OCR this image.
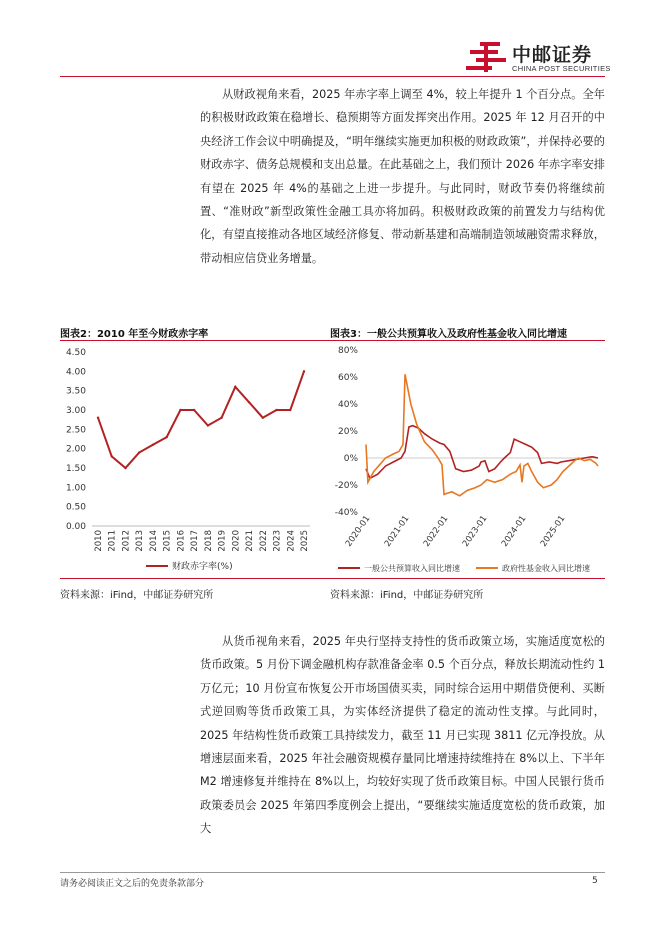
中邮证券
CHINA POST SECURITIES

从财政视角来看，2025 年赤字率上调至 4%，较上年提升 1 个百分点。全年的积极财政政策在稳增长、稳预期等方面发挥突出作用。2025 年 12 月召开的中央经济工作会议中明确提及，“明年继续实施更加积极的财政政策”，并保持必要的财政赤字、债务总规模和支出总量。在此基础之上，我们预计 2026 年赤字率安排有望在 2025 年 4%的基础之上进一步提升。与此同时，财政节奏仍将继续前置、“准财政”新型政策性金融工具亦将加码。积极财政政策的前置发力与结构优化，有望直接推动各地区域经济修复、带动新基建和高端制造领域融资需求释放，带动相应信贷业务增量。

图表2：2010 年至今财政赤字率	图表3：一般公共预算收入及政府性基金收入同比增速
4.50
4.00
3.50
3.00
2.50
2.00
1.50
1.00
0.50
0.00
2010 2011 2012 2013 2014 2015 2016 2017 2018 2019 2020 2021 2022 2023 2024 2025
财政赤字率(%)
80%
60%
40%
20%
0%
-20%
-40%
2020-01 2021-01 2022-01 2023-01 2024-01 2025-01
一般公共预算收入同比增速	政府性基金收入同比增速
资料来源：iFind，中邮证券研究所	资料来源：iFind，中邮证券研究所

从货币视角来看，2025 年央行坚持支持性的货币政策立场，实施适度宽松的货币政策。5 月份下调金融机构存款准备金率 0.5 个百分点，释放长期流动性约 1 万亿元；10 月份宣布恢复公开市场国债买卖，同时综合运用中期借贷便利、买断式逆回购等货币政策工具，为实体经济提供了稳定的流动性支撑。与此同时，2025 年结构性货币政策工具持续发力，截至 11 月已实现 3811 亿元净投放。从增速层面来看，2025 年社会融资规模存量同比增速持续维持在 8%以上、下半年 M2 增速修复并维持在 8%以上，均较好实现了货币政策目标。中国人民银行货币政策委员会 2025 年第四季度例会上提出，“要继续实施适度宽松的货币政策，加大

请务必阅读正文之后的免责条款部分	5
